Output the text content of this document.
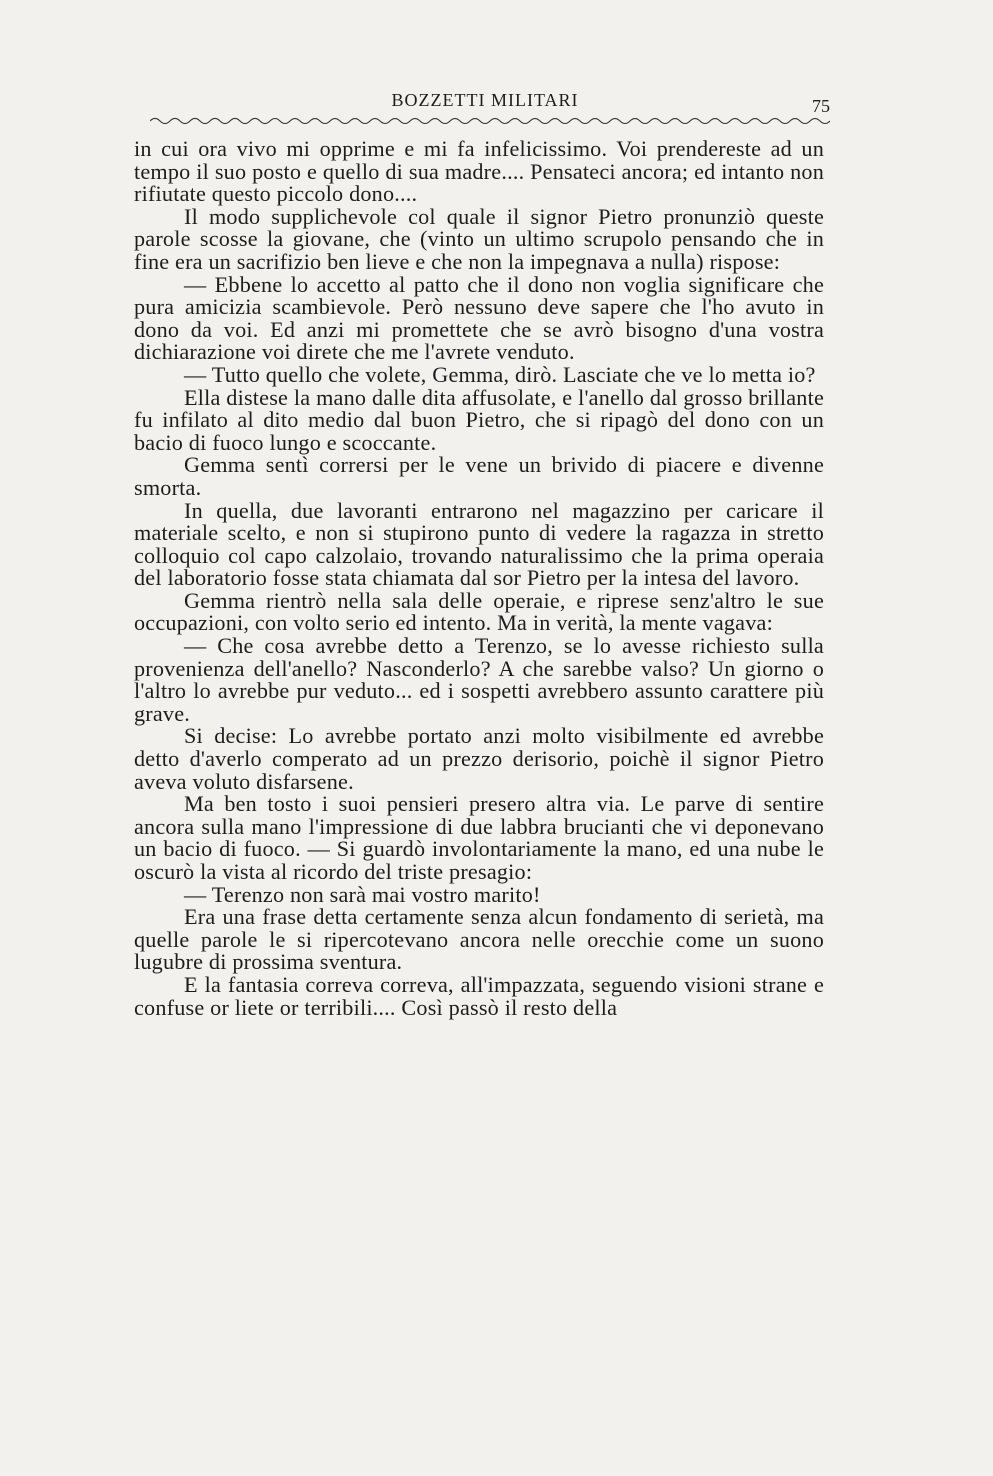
BOZZETTI MILITARI	75

in cui ora vivo mi opprime e mi fa infelicissimo. Voi prendereste ad un tempo il suo posto e quello di sua madre.... Pensateci ancora; ed intanto non rifiutate questo piccolo dono....

Il modo supplichevole col quale il signor Pietro pronunziò queste parole scosse la giovane, che (vinto un ultimo scrupolo pensando che in fine era un sacrifizio ben lieve e che non la impegnava a nulla) rispose:

— Ebbene lo accetto al patto che il dono non voglia significare che pura amicizia scambievole. Però nessuno deve sapere che l'ho avuto in dono da voi. Ed anzi mi promettete che se avrò bisogno d'una vostra dichiarazione voi direte che me l'avrete venduto.

— Tutto quello che volete, Gemma, dirò. Lasciate che ve lo metta io?

Ella distese la mano dalle dita affusolate, e l'anello dal grosso brillante fu infilato al dito medio dal buon Pietro, che si ripagò del dono con un bacio di fuoco lungo e scoccante.

Gemma sentì corrersi per le vene un brivido di piacere e divenne smorta.

In quella, due lavoranti entrarono nel magazzino per caricare il materiale scelto, e non si stupirono punto di vedere la ragazza in stretto colloquio col capo calzolaio, trovando naturalissimo che la prima operaia del laboratorio fosse stata chiamata dal sor Pietro per la intesa del lavoro.

Gemma rientrò nella sala delle operaie, e riprese senz'altro le sue occupazioni, con volto serio ed intento. Ma in verità, la mente vagava:

— Che cosa avrebbe detto a Terenzo, se lo avesse richiesto sulla provenienza dell'anello? Nasconderlo? A che sarebbe valso? Un giorno o l'altro lo avrebbe pur veduto... ed i sospetti avrebbero assunto carattere più grave.

Si decise: Lo avrebbe portato anzi molto visibilmente ed avrebbe detto d'averlo comperato ad un prezzo derisorio, poichè il signor Pietro aveva voluto disfarsene.

Ma ben tosto i suoi pensieri presero altra via. Le parve di sentire ancora sulla mano l'impressione di due labbra brucianti che vi deponevano un bacio di fuoco. — Si guardò involontariamente la mano, ed una nube le oscurò la vista al ricordo del triste presagio:

— Terenzo non sarà mai vostro marito!

Era una frase detta certamente senza alcun fondamento di serietà, ma quelle parole le si ripercotevano ancora nelle orecchie come un suono lugubre di prossima sventura.

E la fantasia correva correva, all'impazzata, seguendo visioni strane e confuse or liete or terribili.... Così passò il resto della
